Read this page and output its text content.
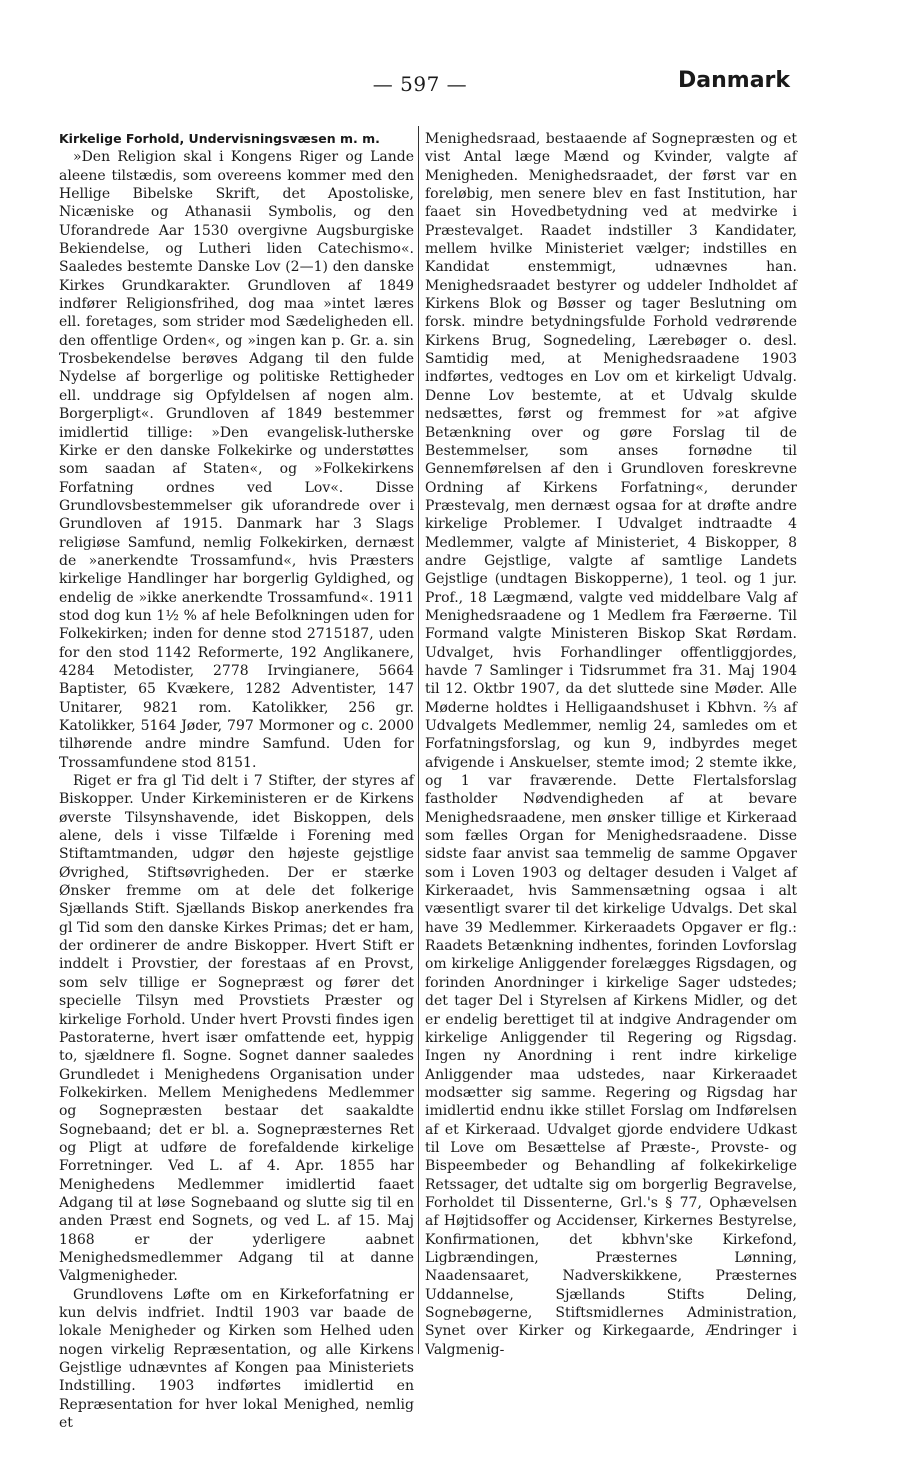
— 597 —	Danmark

Kirkelige Forhold, Undervisningsvæsen m. m.

»Den Religion skal i Kongens Riger og Lande aleene tilstædis, som overeens kommer med den Hellige Bibelske Skrift, det Apostoliske, Nicæniske og Athanasii Symbolis, og den Uforandrede Aar 1530 overgivne Augsburgiske Bekiendelse, og Lutheri liden Catechismo«. Saaledes bestemte Danske Lov (2—1) den danske Kirkes Grundkarakter. Grundloven af 1849 indfører Religionsfrihed, dog maa »intet læres ell. foretages, som strider mod Sædeligheden ell. den offentlige Orden«, og »ingen kan p. Gr. a. sin Trosbekendelse berøves Adgang til den fulde Nydelse af borgerlige og politiske Rettigheder ell. unddrage sig Opfyldelsen af nogen alm. Borgerpligt«. Grundloven af 1849 bestemmer imidlertid tillige: »Den evangelisk-lutherske Kirke er den danske Folkekirke og understøttes som saadan af Staten«, og »Folkekirkens Forfatning ordnes ved Lov«. Disse Grundlovsbestemmelser gik uforandrede over i Grundloven af 1915. Danmark har 3 Slags religiøse Samfund, nemlig Folkekirken, dernæst de »anerkendte Trossamfund«, hvis Præsters kirkelige Handlinger har borgerlig Gyldighed, og endelig de »ikke anerkendte Trossamfund«. 1911 stod dog kun 1½ % af hele Befolkningen uden for Folkekirken; inden for denne stod 2715187, uden for den stod 1142 Reformerte, 192 Anglikanere, 4284 Metodister, 2778 Irvingianere, 5664 Baptister, 65 Kvækere, 1282 Adventister, 147 Unitarer, 9821 rom. Katolikker, 256 gr. Katolikker, 5164 Jøder, 797 Mormoner og c. 2000 tilhørende andre mindre Samfund. Uden for Trossamfundene stod 8151.

Riget er fra gl Tid delt i 7 Stifter, der styres af Biskopper. Under Kirkeministeren er de Kirkens øverste Tilsynshavende, idet Biskoppen, dels alene, dels i visse Tilfælde i Forening med Stiftamtmanden, udgør den højeste gejstlige Øvrighed, Stiftsøvrigheden. Der er stærke Ønsker fremme om at dele det folkerige Sjællands Stift. Sjællands Biskop anerkendes fra gl Tid som den danske Kirkes Primas; det er ham, der ordinerer de andre Biskopper. Hvert Stift er inddelt i Provstier, der forestaas af en Provst, som selv tillige er Sognepræst og fører det specielle Tilsyn med Provstiets Præster og kirkelige Forhold. Under hvert Provsti findes igen Pastoraterne, hvert især omfattende eet, hyppig to, sjældnere fl. Sogne. Sognet danner saaledes Grundledet i Menighedens Organisation under Folkekirken. Mellem Menighedens Medlemmer og Sognepræsten bestaar det saakaldte Sognebaand; det er bl. a. Sognepræsternes Ret og Pligt at udføre de forefaldende kirkelige Forretninger. Ved L. af 4. Apr. 1855 har Menighedens Medlemmer imidlertid faaet Adgang til at løse Sognebaand og slutte sig til en anden Præst end Sognets, og ved L. af 15. Maj 1868 er der yderligere aabnet Menighedsmedlemmer Adgang til at danne Valgmenigheder.

Grundlovens Løfte om en Kirkeforfatning er kun delvis indfriet. Indtil 1903 var baade de lokale Menigheder og Kirken som Helhed uden nogen virkelig Repræsentation, og alle Kirkens Gejstlige udnævntes af Kongen paa Ministeriets Indstilling. 1903 indførtes imidlertid en Repræsentation for hver lokal Menighed, nemlig et

Menighedsraad, bestaaende af Sognepræsten og et vist Antal læge Mænd og Kvinder, valgte af Menigheden. Menighedsraadet, der først var en foreløbig, men senere blev en fast Institution, har faaet sin Hovedbetydning ved at medvirke i Præstevalget. Raadet indstiller 3 Kandidater, mellem hvilke Ministeriet vælger; indstilles en Kandidat enstemmigt, udnævnes han. Menighedsraadet bestyrer og uddeler Indholdet af Kirkens Blok og Bøsser og tager Beslutning om forsk. mindre betydningsfulde Forhold vedrørende Kirkens Brug, Sognedeling, Lærebøger o. desl. Samtidig med, at Menighedsraadene 1903 indførtes, vedtoges en Lov om et kirkeligt Udvalg. Denne Lov bestemte, at et Udvalg skulde nedsættes, først og fremmest for »at afgive Betænkning over og gøre Forslag til de Bestemmelser, som anses fornødne til Gennemførelsen af den i Grundloven foreskrevne Ordning af Kirkens Forfatning«, derunder Præstevalg, men dernæst ogsaa for at drøfte andre kirkelige Problemer. I Udvalget indtraadte 4 Medlemmer, valgte af Ministeriet, 4 Biskopper, 8 andre Gejstlige, valgte af samtlige Landets Gejstlige (undtagen Biskopperne), 1 teol. og 1 jur. Prof., 18 Lægmænd, valgte ved middelbare Valg af Menighedsraadene og 1 Medlem fra Færøerne. Til Formand valgte Ministeren Biskop Skat Rørdam. Udvalget, hvis Forhandlinger offentliggjordes, havde 7 Samlinger i Tidsrummet fra 31. Maj 1904 til 12. Oktbr 1907, da det sluttede sine Møder. Alle Møderne holdtes i Helligaandshuset i Kbhvn. ⅔ af Udvalgets Medlemmer, nemlig 24, samledes om et Forfatningsforslag, og kun 9, indbyrdes meget afvigende i Anskuelser, stemte imod; 2 stemte ikke, og 1 var fraværende. Dette Flertalsforslag fastholder Nødvendigheden af at bevare Menighedsraadene, men ønsker tillige et Kirkeraad som fælles Organ for Menighedsraadene. Disse sidste faar anvist saa temmelig de samme Opgaver som i Loven 1903 og deltager desuden i Valget af Kirkeraadet, hvis Sammensætning ogsaa i alt væsentligt svarer til det kirkelige Udvalgs. Det skal have 39 Medlemmer. Kirkeraadets Opgaver er flg.: Raadets Betænkning indhentes, forinden Lovforslag om kirkelige Anliggender forelægges Rigsdagen, og forinden Anordninger i kirkelige Sager udstedes; det tager Del i Styrelsen af Kirkens Midler, og det er endelig berettiget til at indgive Andragender om kirkelige Anliggender til Regering og Rigsdag. Ingen ny Anordning i rent indre kirkelige Anliggender maa udstedes, naar Kirkeraadet modsætter sig samme. Regering og Rigsdag har imidlertid endnu ikke stillet Forslag om Indførelsen af et Kirkeraad. Udvalget gjorde endvidere Udkast til Love om Besættelse af Præste-, Provste- og Bispeembeder og Behandling af folkekirkelige Retssager, det udtalte sig om borgerlig Begravelse, Forholdet til Dissenterne, Grl.'s § 77, Ophævelsen af Højtidsoffer og Accidenser, Kirkernes Bestyrelse, Konfirmationen, det kbhvn'ske Kirkefond, Ligbrændingen, Præsternes Lønning, Naadensaaret, Nadverskikkene, Præsternes Uddannelse, Sjællands Stifts Deling, Sognebøgerne, Stiftsmidlernes Administration, Synet over Kirker og Kirkegaarde, Ændringer i Valgmenig-
